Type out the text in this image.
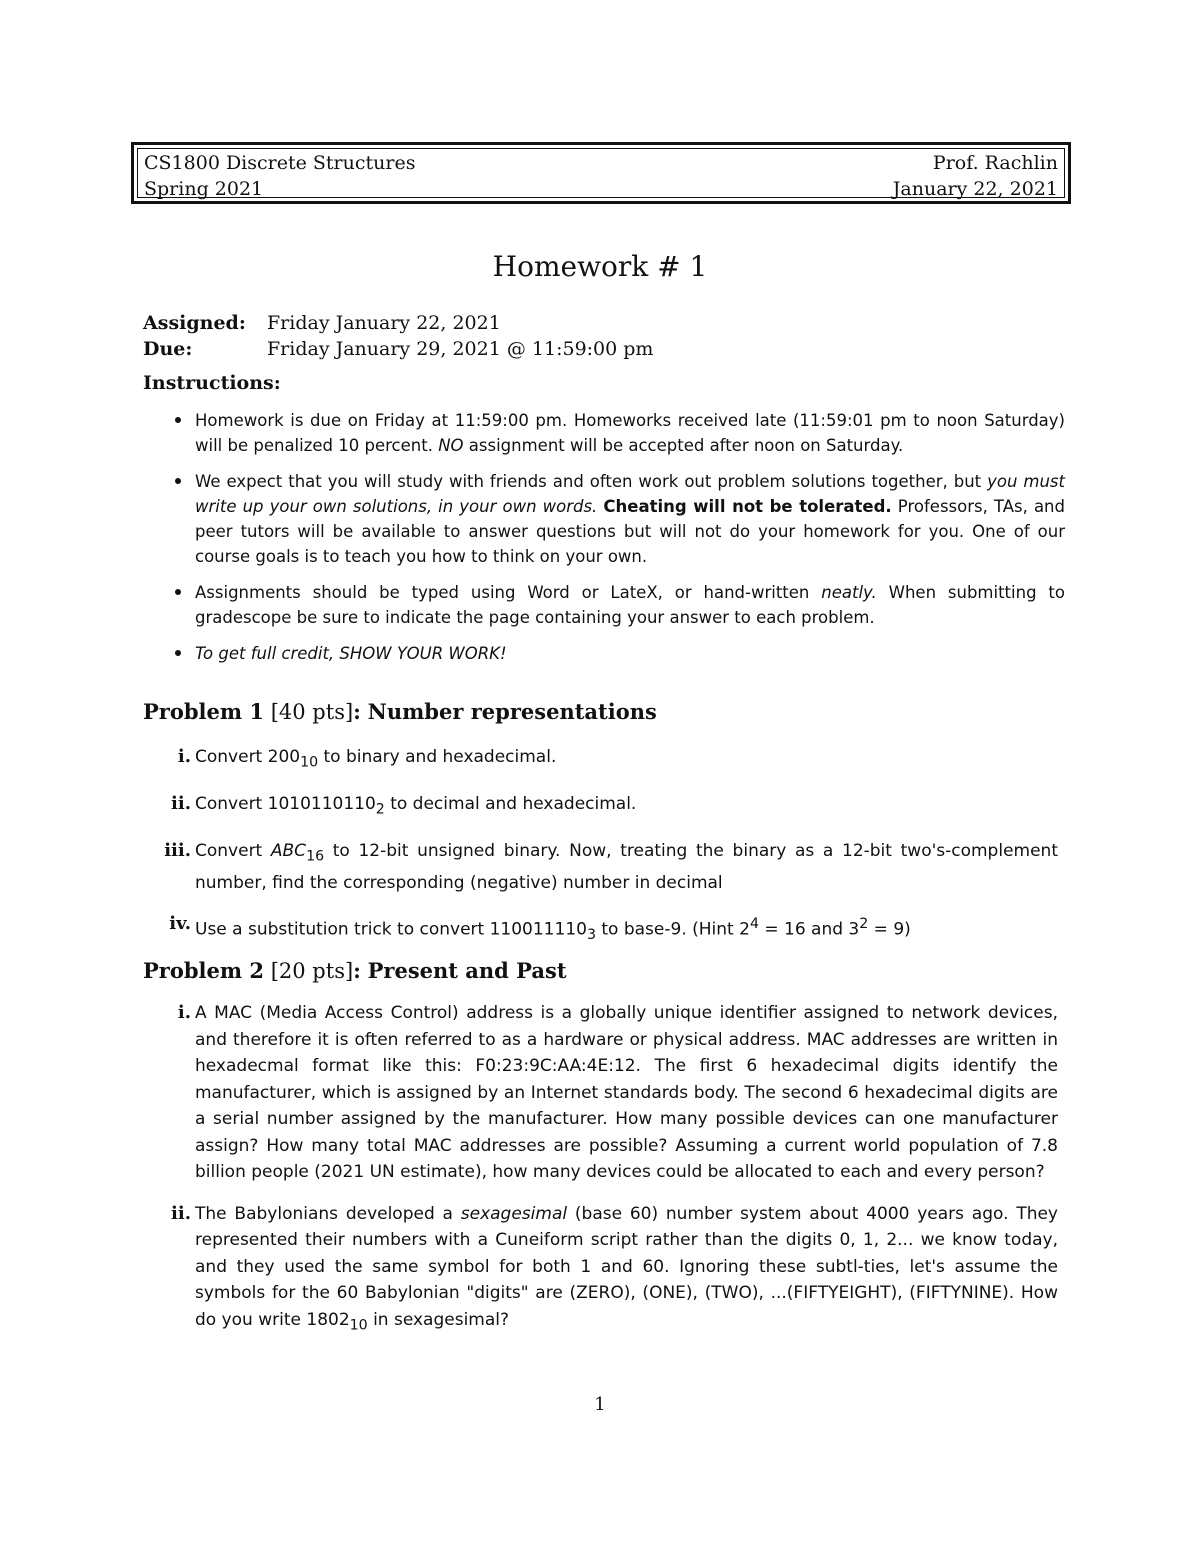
CS1800 Discrete Structures	Prof. Rachlin
Spring 2021	January 22, 2021
Homework # 1
Assigned: Friday January 22, 2021
Due:	Friday January 29, 2021 @ 11:59:00 pm
Instructions:
Homework is due on Friday at 11:59:00 pm. Homeworks received late (11:59:01 pm to noon Saturday) will be penalized 10 percent. NO assignment will be accepted after noon on Saturday.
We expect that you will study with friends and often work out problem solutions together, but you must write up your own solutions, in your own words. Cheating will not be tolerated. Professors, TAs, and peer tutors will be available to answer questions but will not do your homework for you. One of our course goals is to teach you how to think on your own.
Assignments should be typed using Word or LateX, or hand-written neatly. When submitting to gradescope be sure to indicate the page containing your answer to each problem.
To get full credit, SHOW YOUR WORK!
Problem 1 [40 pts]: Number representations
i. Convert $200_{10}$ to binary and hexadecimal.
ii. Convert $1010110110_2$ to decimal and hexadecimal.
iii. Convert $ABC_{16}$ to 12-bit unsigned binary. Now, treating the binary as a 12-bit two's-complement number, find the corresponding (negative) number in decimal
iv. Use a substitution trick to convert $110011110_3$ to base-9. (Hint $2^4 = 16$ and $3^2 = 9$)
Problem 2 [20 pts]: Present and Past
i. A MAC (Media Access Control) address is a globally unique identifier assigned to network devices, and therefore it is often referred to as a hardware or physical address. MAC addresses are written in hexadecmal format like this: F0:23:9C:AA:4E:12. The first 6 hexadecimal digits identify the manufacturer, which is assigned by an Internet standards body. The second 6 hexadecimal digits are a serial number assigned by the manufacturer. How many possible devices can one manufacturer assign? How many total MAC addresses are possible? Assuming a current world population of 7.8 billion people (2021 UN estimate), how many devices could be allocated to each and every person?
ii. The Babylonians developed a sexagesimal (base 60) number system about 4000 years ago. They represented their numbers with a Cuneiform script rather than the digits 0, 1, 2... we know today, and they used the same symbol for both 1 and 60. Ignoring these subtl-ties, let's assume the symbols for the 60 Babylonian "digits" are (ZERO), (ONE), (TWO), ...(FIFTYEIGHT), (FIFTYNINE). How do you write $1802_{10}$ in sexagesimal?
1
